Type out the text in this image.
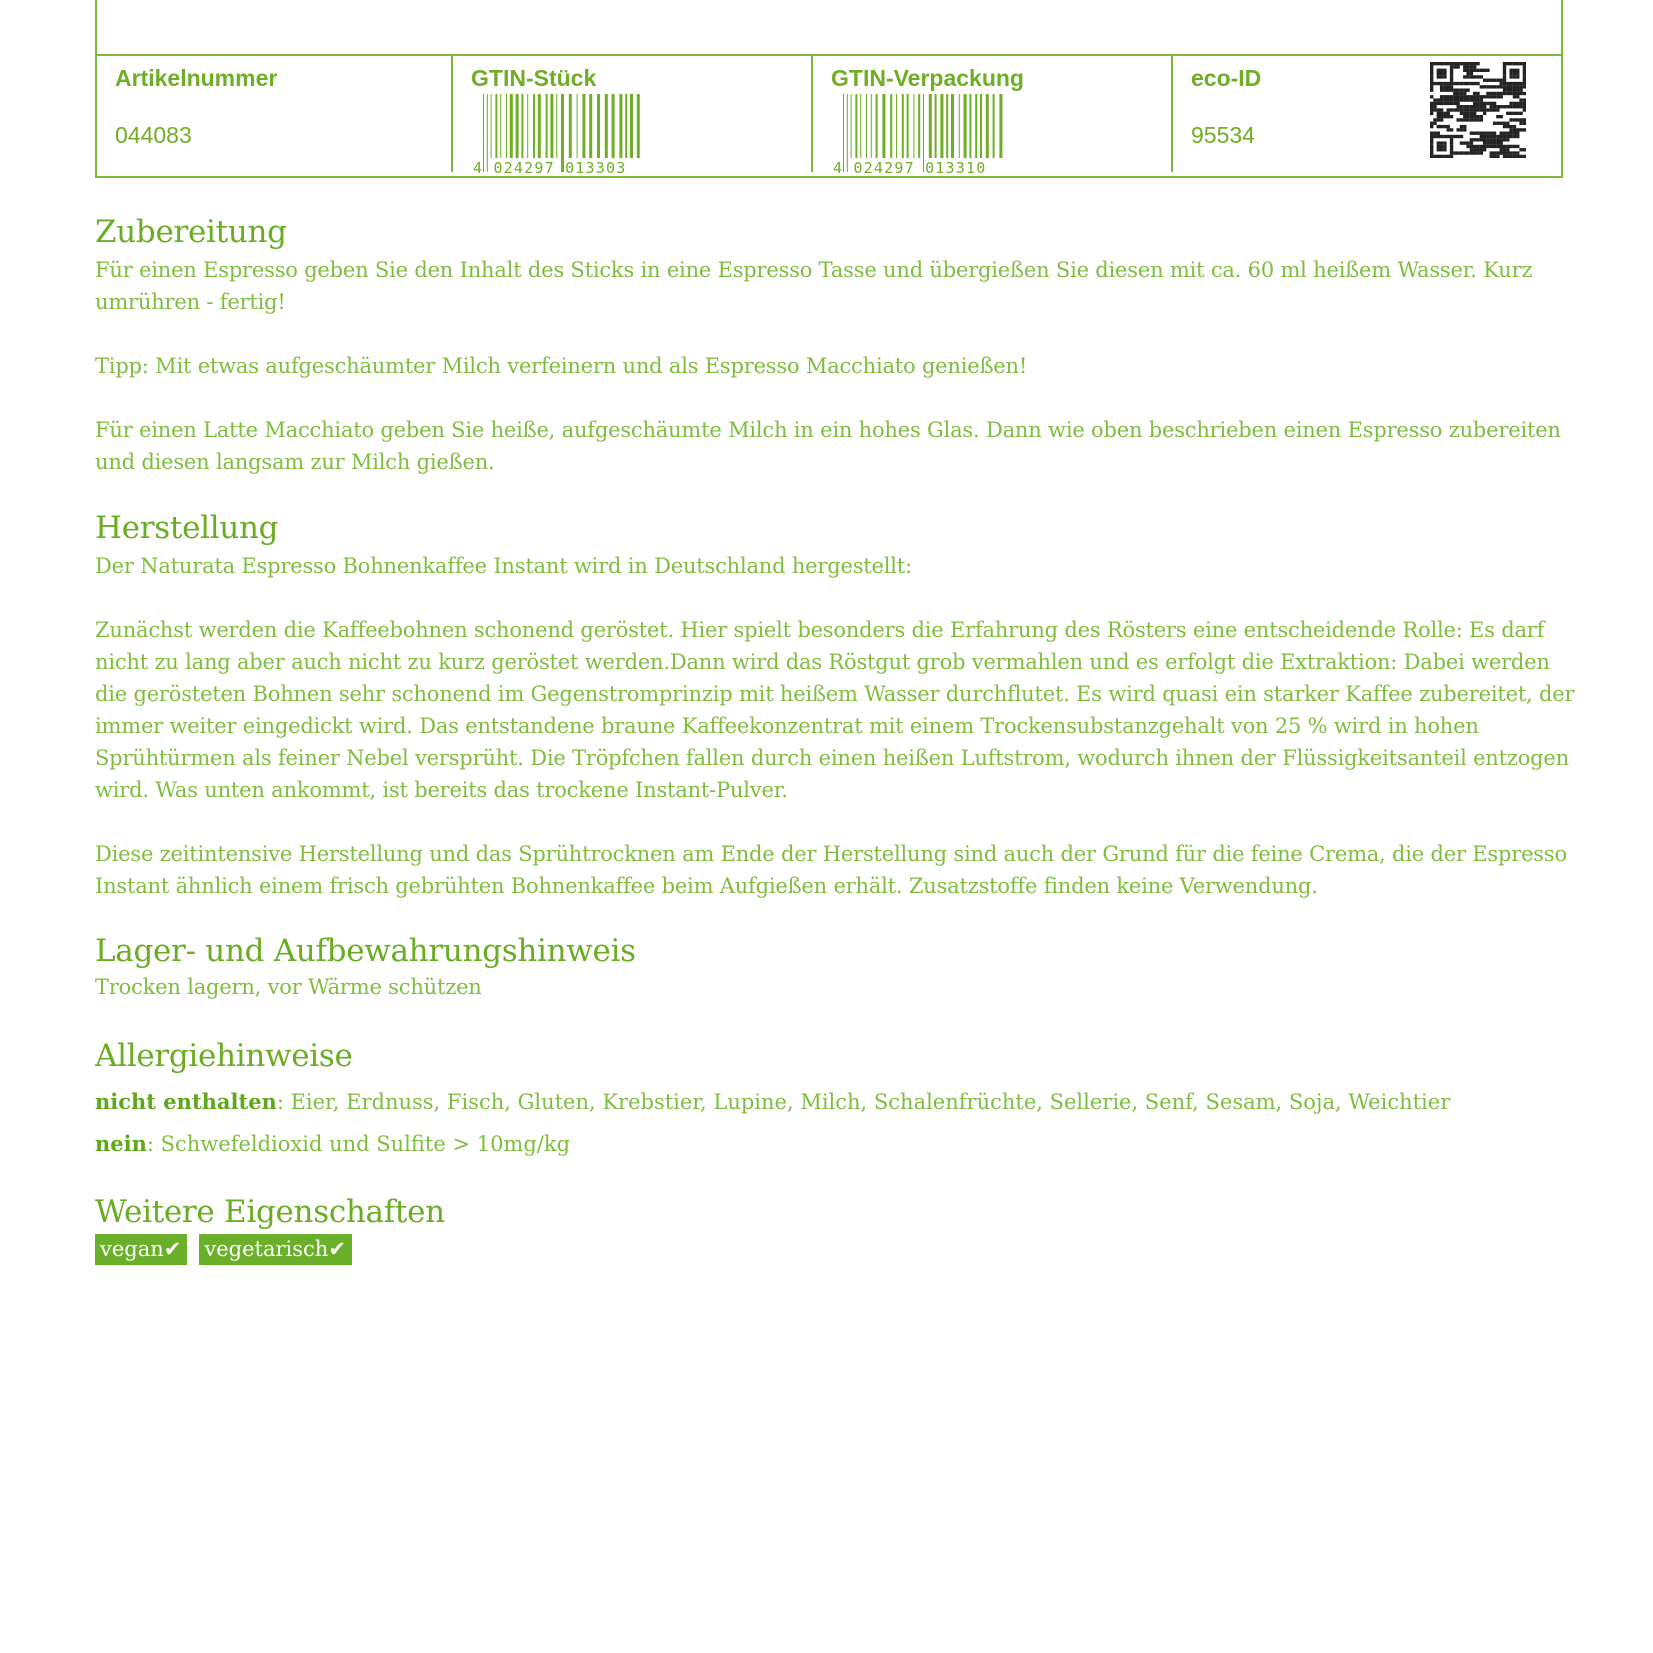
Artikelnummer
044083
GTIN-Stück
4 024297 013303
GTIN-Verpackung
4 024297 013310
eco-ID
95534
Zubereitung

Für einen Espresso geben Sie den Inhalt des Sticks in eine Espresso Tasse und übergießen Sie diesen mit ca. 60 ml heißem Wasser. Kurz umrühren - fertig!

Tipp: Mit etwas aufgeschäumter Milch verfeinern und als Espresso Macchiato genießen!

Für einen Latte Macchiato geben Sie heiße, aufgeschäumte Milch in ein hohes Glas. Dann wie oben beschrieben einen Espresso zubereiten und diesen langsam zur Milch gießen.

Herstellung

Der Naturata Espresso Bohnenkaffee Instant wird in Deutschland hergestellt:

Zunächst werden die Kaffeebohnen schonend geröstet. Hier spielt besonders die Erfahrung des Rösters eine entscheidende Rolle: Es darf nicht zu lang aber auch nicht zu kurz geröstet werden.Dann wird das Röstgut grob vermahlen und es erfolgt die Extraktion: Dabei werden die gerösteten Bohnen sehr schonend im Gegenstromprinzip mit heißem Wasser durchflutet. Es wird quasi ein starker Kaffee zubereitet, der immer weiter eingedickt wird. Das entstandene braune Kaffeekonzentrat mit einem Trockensubstanzgehalt von 25 % wird in hohen Sprühtürmen als feiner Nebel versprüht. Die Tröpfchen fallen durch einen heißen Luftstrom, wodurch ihnen der Flüssigkeitsanteil entzogen wird. Was unten ankommt, ist bereits das trockene Instant-Pulver.

Diese zeitintensive Herstellung und das Sprühtrocknen am Ende der Herstellung sind auch der Grund für die feine Crema, die der Espresso Instant ähnlich einem frisch gebrühten Bohnenkaffee beim Aufgießen erhält. Zusatzstoffe finden keine Verwendung.

Lager- und Aufbewahrungshinweis

Trocken lagern, vor Wärme schützen

Allergiehinweise
nicht enthalten: Eier, Erdnuss, Fisch, Gluten, Krebstier, Lupine, Milch, Schalenfrüchte, Sellerie, Senf, Sesam, Soja, Weichtier
nein: Schwefeldioxid und Sulfite > 10mg/kg
Weitere Eigenschaften
vegan✔ vegetarisch✔
